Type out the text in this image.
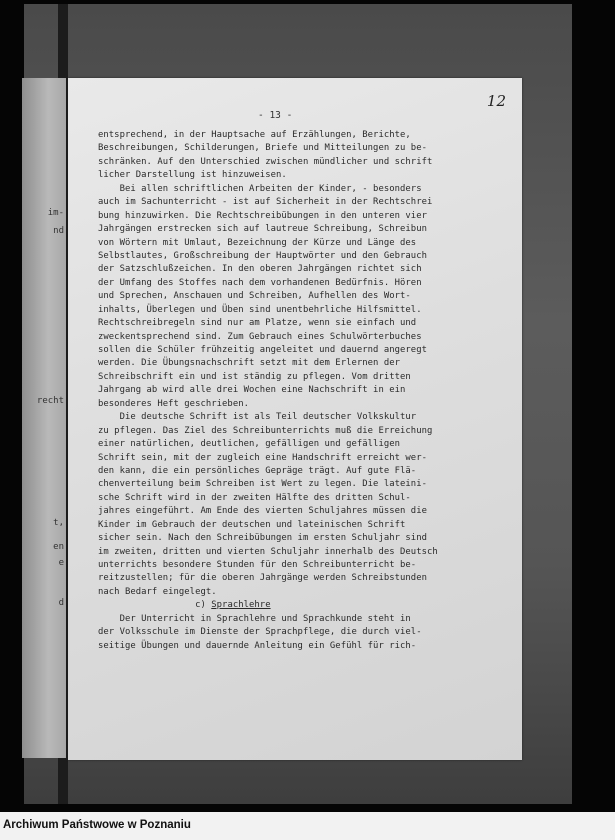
im-
nd
recht
t,
en
e
d
- 13 -
12
entsprechend, in der Hauptsache auf Erzählungen, Berichte,
Beschreibungen, Schilderungen, Briefe und Mitteilungen zu be-
schränken. Auf den Unterschied zwischen mündlicher und schrift
licher Darstellung ist hinzuweisen.
Bei allen schriftlichen Arbeiten der Kinder, - besonders
auch im Sachunterricht - ist auf Sicherheit in der Rechtschrei
bung hinzuwirken. Die Rechtschreibübungen in den unteren vier
Jahrgängen erstrecken sich auf lautreue Schreibung, Schreibun
von Wörtern mit Umlaut, Bezeichnung der Kürze und Länge des
Selbstlautes, Großschreibung der Hauptwörter und den Gebrauch
der Satzschlußzeichen. In den oberen Jahrgängen richtet sich
der Umfang des Stoffes nach dem vorhandenen Bedürfnis. Hören
und Sprechen, Anschauen und Schreiben, Aufhellen des Wort-
inhalts, Überlegen und Üben sind unentbehrliche Hilfsmittel.
Rechtschreibregeln sind nur am Platze, wenn sie einfach und
zweckentsprechend sind. Zum Gebrauch eines Schulwörterbuches
sollen die Schüler frühzeitig angeleitet und dauernd angeregt
werden. Die Übungsnachschrift setzt mit dem Erlernen der
Schreibschrift ein und ist ständig zu pflegen. Vom dritten
Jahrgang ab wird alle drei Wochen eine Nachschrift in ein
besonderes Heft geschrieben.
Die deutsche Schrift ist als Teil deutscher Volkskultur
zu pflegen. Das Ziel des Schreibunterrichts muß die Erreichung
einer natürlichen, deutlichen, gefälligen und gefälligen
Schrift sein, mit der zugleich eine Handschrift erreicht wer-
den kann, die ein persönliches Gepräge trägt. Auf gute Flä-
chenverteilung beim Schreiben ist Wert zu legen. Die lateini-
sche Schrift wird in der zweiten Hälfte des dritten Schul-
jahres eingeführt. Am Ende des vierten Schuljahres müssen die
Kinder im Gebrauch der deutschen und lateinischen Schrift
sicher sein. Nach den Schreibübungen im ersten Schuljahr sind
im zweiten, dritten und vierten Schuljahr innerhalb des Deutsch
unterrichts besondere Stunden für den Schreibunterricht be-
reitzustellen; für die oberen Jahrgänge werden Schreibstunden
nach Bedarf eingelegt.
c) Sprachlehre
Der Unterricht in Sprachlehre und Sprachkunde steht in
der Volksschule im Dienste der Sprachpflege, die durch viel-
seitige Übungen und dauernde Anleitung ein Gefühl für rich-
Archiwum Państwowe w Poznaniu
